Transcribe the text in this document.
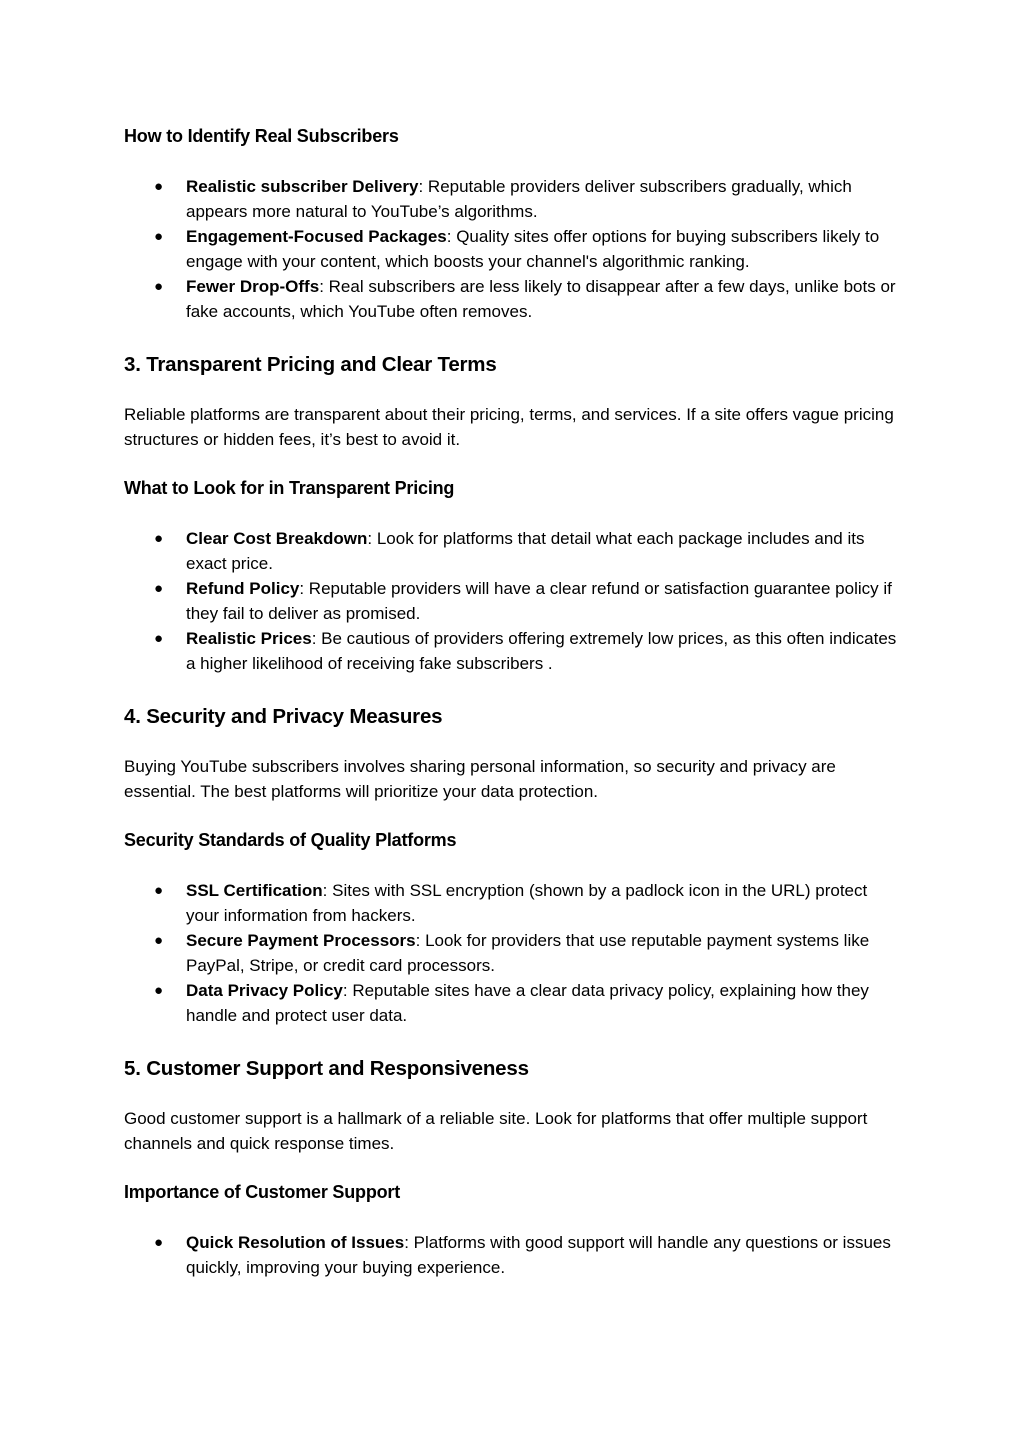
How to Identify Real Subscribers

● Realistic subscriber Delivery: Reputable providers deliver subscribers gradually, which appears more natural to YouTube’s algorithms.
● Engagement-Focused Packages: Quality sites offer options for buying subscribers likely to engage with your content, which boosts your channel's algorithmic ranking.
● Fewer Drop-Offs: Real subscribers are less likely to disappear after a few days, unlike bots or fake accounts, which YouTube often removes.

3. Transparent Pricing and Clear Terms

Reliable platforms are transparent about their pricing, terms, and services. If a site offers vague pricing structures or hidden fees, it’s best to avoid it.

What to Look for in Transparent Pricing

● Clear Cost Breakdown: Look for platforms that detail what each package includes and its exact price.
● Refund Policy: Reputable providers will have a clear refund or satisfaction guarantee policy if they fail to deliver as promised.
● Realistic Prices: Be cautious of providers offering extremely low prices, as this often indicates a higher likelihood of receiving fake subscribers .

4. Security and Privacy Measures

Buying YouTube subscribers involves sharing personal information, so security and privacy are essential. The best platforms will prioritize your data protection.

Security Standards of Quality Platforms

● SSL Certification: Sites with SSL encryption (shown by a padlock icon in the URL) protect your information from hackers.
● Secure Payment Processors: Look for providers that use reputable payment systems like PayPal, Stripe, or credit card processors.
● Data Privacy Policy: Reputable sites have a clear data privacy policy, explaining how they handle and protect user data.

5. Customer Support and Responsiveness

Good customer support is a hallmark of a reliable site. Look for platforms that offer multiple support channels and quick response times.

Importance of Customer Support

● Quick Resolution of Issues: Platforms with good support will handle any questions or issues quickly, improving your buying experience.
